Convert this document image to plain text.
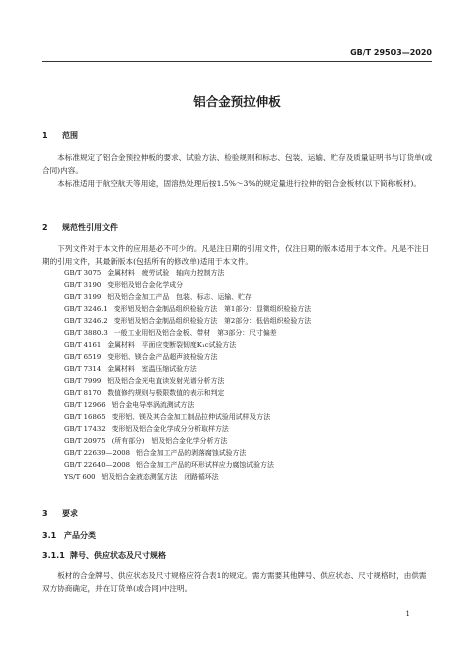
GB/T 29503—2020
铝合金预拉伸板
1 范围

本标准规定了铝合金预拉伸板的要求、试验方法、检验规则和标志、包装、运输、贮存及质量证明书与订货单(或合同)内容。

本标准适用于航空航天等用途，固溶热处理后按1.5%～3%的规定量进行拉伸的铝合金板材(以下简称板材)。

2 规范性引用文件

下列文件对于本文件的应用是必不可少的。凡是注日期的引用文件，仅注日期的版本适用于本文件。凡是不注日期的引用文件，其最新版本(包括所有的修改单)适用于本文件。

GB/T 3075 金属材料　疲劳试验　轴向力控制方法
GB/T 3190 变形铝及铝合金化学成分
GB/T 3199 铝及铝合金加工产品　包装、标志、运输、贮存
GB/T 3246.1 变形铝及铝合金制品组织检验方法　第1部分：显微组织检验方法
GB/T 3246.2 变形铝及铝合金制品组织检验方法　第2部分：低倍组织检验方法
GB/T 3880.3 一般工业用铝及铝合金板、带材　第3部分：尺寸偏差
GB/T 4161 金属材料　平面应变断裂韧度K₁c试验方法
GB/T 6519 变形铝、镁合金产品超声波检验方法
GB/T 7314 金属材料　室温压缩试验方法
GB/T 7999 铝及铝合金光电直读发射光谱分析方法
GB/T 8170 数值修约规则与极限数值的表示和判定
GB/T 12966 铝合金电导率涡流测试方法
GB/T 16865 变形铝、镁及其合金加工制品拉伸试验用试样及方法
GB/T 17432 变形铝及铝合金化学成分分析取样方法
GB/T 20975 (所有部分)　铝及铝合金化学分析方法
GB/T 22639—2008 铝合金加工产品的剥落腐蚀试验方法
GB/T 22640—2008 铝合金加工产品的环形试样应力腐蚀试验方法
YS/T 600 铝及铝合金液态测氢方法　闭路循环法
3 要求
3.1 产品分类
3.1.1 牌号、供应状态及尺寸规格

板材的合金牌号、供应状态及尺寸规格应符合表1的规定。需方需要其他牌号、供应状态、尺寸规格时，由供需双方协商确定，并在订货单(或合同)中注明。

1
